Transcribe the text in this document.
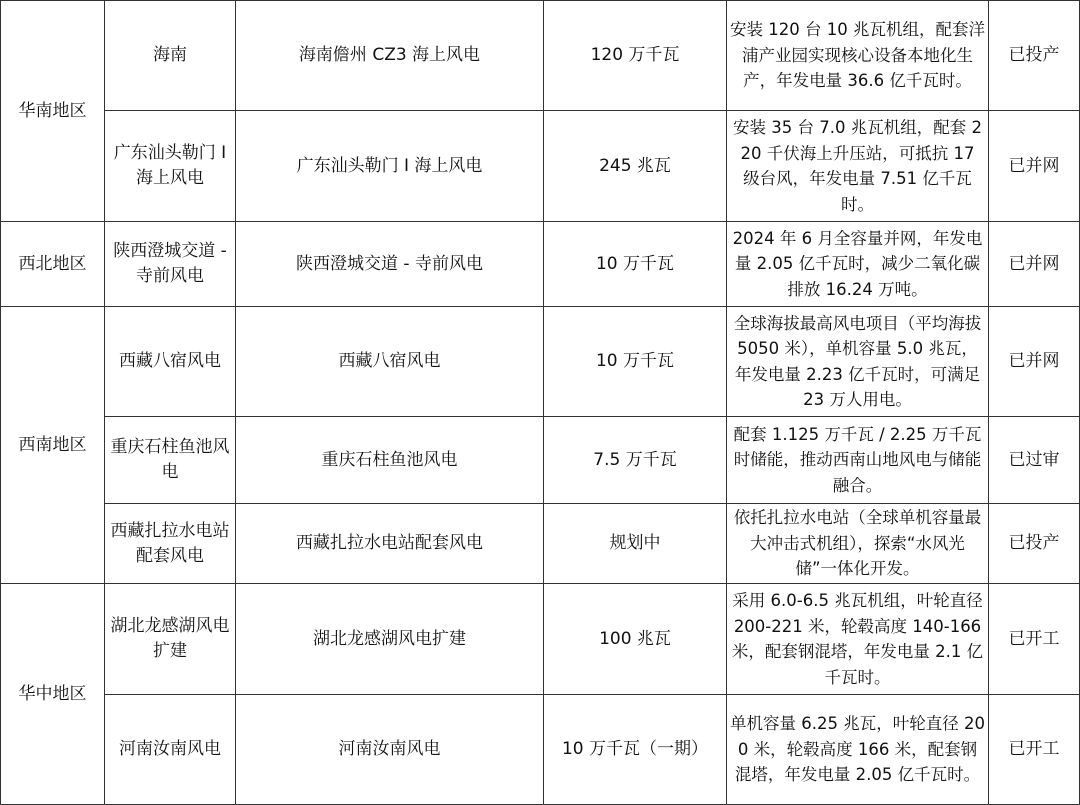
华南地区	海南	海南儋州 CZ3 海上风电	120 万千瓦	安装 120 台 10 兆瓦机组，配套洋浦产业园实现核心设备本地化生产，年发电量 36.6 亿千瓦时。	已投产
	广东汕头勒门 I 海上风电	广东汕头勒门 I 海上风电	245 兆瓦	安装 35 台 7.0 兆瓦机组，配套 220 千伏海上升压站，可抵抗 17 级台风，年发电量 7.51 亿千瓦时。	已并网
西北地区	陕西澄城交道 - 寺前风电	陕西澄城交道 - 寺前风电	10 万千瓦	2024 年 6 月全容量并网，年发电量 2.05 亿千瓦时，减少二氧化碳排放 16.24 万吨。	已并网
西南地区	西藏八宿风电	西藏八宿风电	10 万千瓦	全球海拔最高风电项目（平均海拔 5050 米），单机容量 5.0 兆瓦，年发电量 2.23 亿千瓦时，可满足 23 万人用电。	已并网
	重庆石柱鱼池风电	重庆石柱鱼池风电	7.5 万千瓦	配套 1.125 万千瓦 / 2.25 万千瓦时储能，推动西南山地风电与储能融合。	已过审
	西藏扎拉水电站配套风电	西藏扎拉水电站配套风电	规划中	依托扎拉水电站（全球单机容量最大冲击式机组），探索“水风光储”一体化开发。	已投产
华中地区	湖北龙感湖风电扩建	湖北龙感湖风电扩建	100 兆瓦	采用 6.0-6.5 兆瓦机组，叶轮直径 200-221 米，轮毂高度 140-166 米，配套钢混塔，年发电量 2.1 亿千瓦时。	已开工
	河南汝南风电	河南汝南风电	10 万千瓦（一期）	单机容量 6.25 兆瓦，叶轮直径 200 米，轮毂高度 166 米，配套钢混塔，年发电量 2.05 亿千瓦时。	已开工
